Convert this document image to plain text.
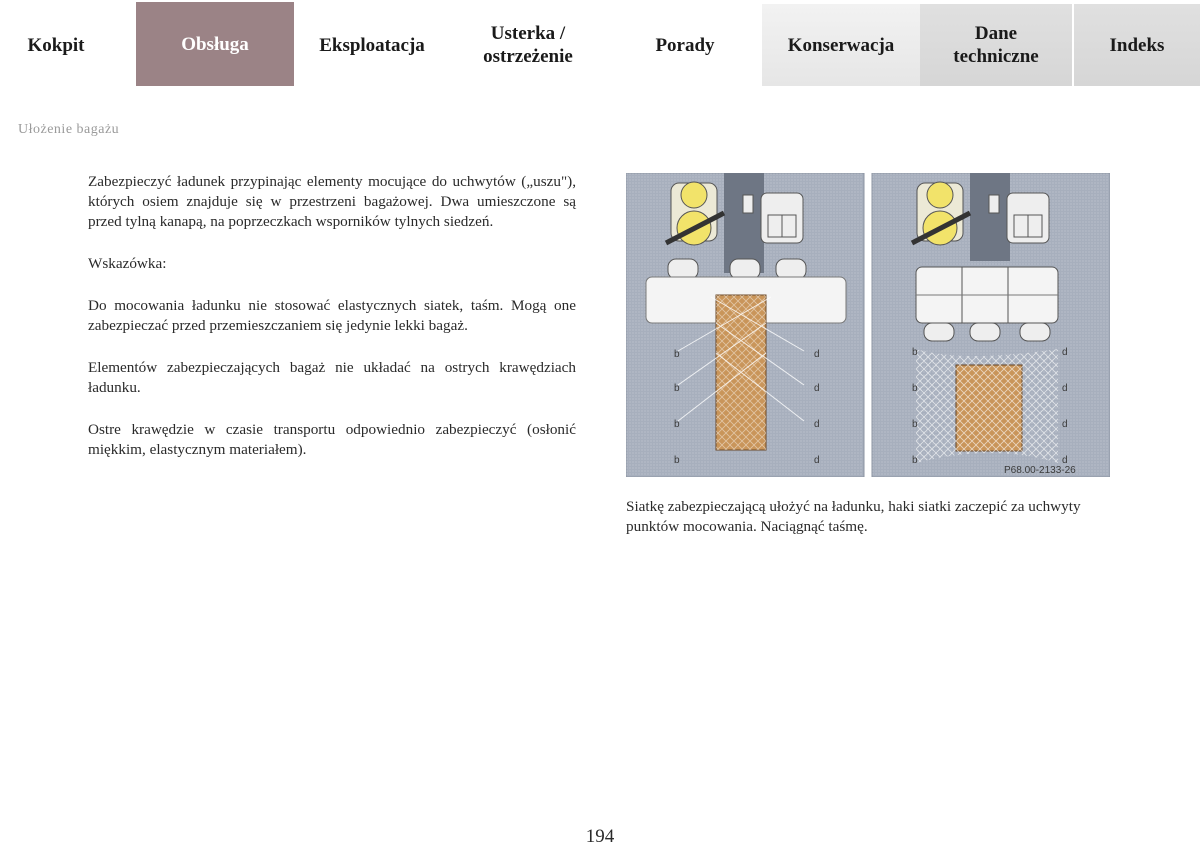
Kokpit	Obsługa	Eksploatacja
Usterka /
ostrzeżenie
Porady	Konserwacja
Dane
techniczne
Indeks
Ułożenie bagażu

Zabezpieczyć ładunek przypinając elementy mocujące do uchwytów („uszu"), których osiem znajduje się w przestrzeni bagażowej. Dwa umieszczone są przed tylną kanapą, na poprzeczkach wsporników tylnych siedzeń.

Wskazówka:

Do mocowania ładunku nie stosować elastycznych siatek, taśm. Mogą one zabezpieczać przed przemieszczaniem się jedynie lekki bagaż.

Elementów zabezpieczających bagaż nie układać na ostrych krawędziach ładunku.

Ostre krawędzie w czasie transportu odpowiednio zabezpieczyć (osłonić miękkim, elastycznym materiałem).

b
b
b
b
d
d
d
d
b
b
b
b
d
d
d
d
P68.00-2133-26
Siatkę zabezpieczającą ułożyć na ładunku, haki siatki zaczepić za uchwyty punktów mocowania. Naciągnąć taśmę.
194
